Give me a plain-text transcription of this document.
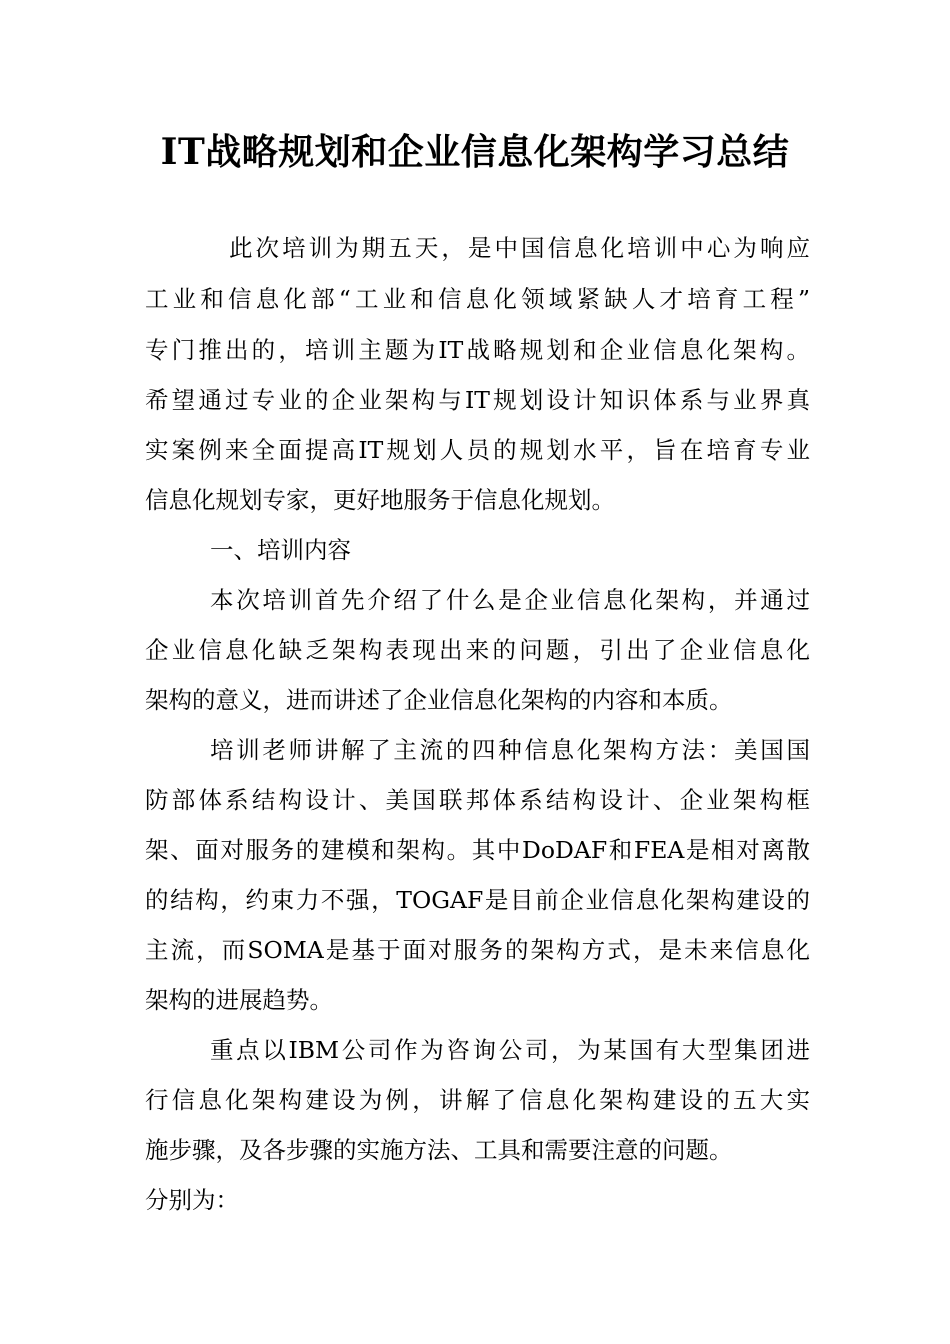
IT战略规划和企业信息化架构学习总结
此次培训为期五天，是中国信息化培训中心为响应
工业和信息化部“工业和信息化领域紧缺人才培育工程”
专门推出的，培训主题为IT战略规划和企业信息化架构。
希望通过专业的企业架构与IT规划设计知识体系与业界真
实案例来全面提高IT规划人员的规划水平，旨在培育专业
信息化规划专家，更好地服务于信息化规划。
一、培训内容
本次培训首先介绍了什么是企业信息化架构，并通过
企业信息化缺乏架构表现出来的问题，引出了企业信息化
架构的意义，进而讲述了企业信息化架构的内容和本质。
培训老师讲解了主流的四种信息化架构方法：美国国
防部体系结构设计、美国联邦体系结构设计、企业架构框
架、面对服务的建模和架构。其中DoDAF和FEA是相对离散
的结构，约束力不强，TOGAF是目前企业信息化架构建设的
主流，而SOMA是基于面对服务的架构方式，是未来信息化
架构的进展趋势。
重点以IBM公司作为咨询公司，为某国有大型集团进
行信息化架构建设为例，讲解了信息化架构建设的五大实
施步骤，及各步骤的实施方法、工具和需要注意的问题。
分别为：
